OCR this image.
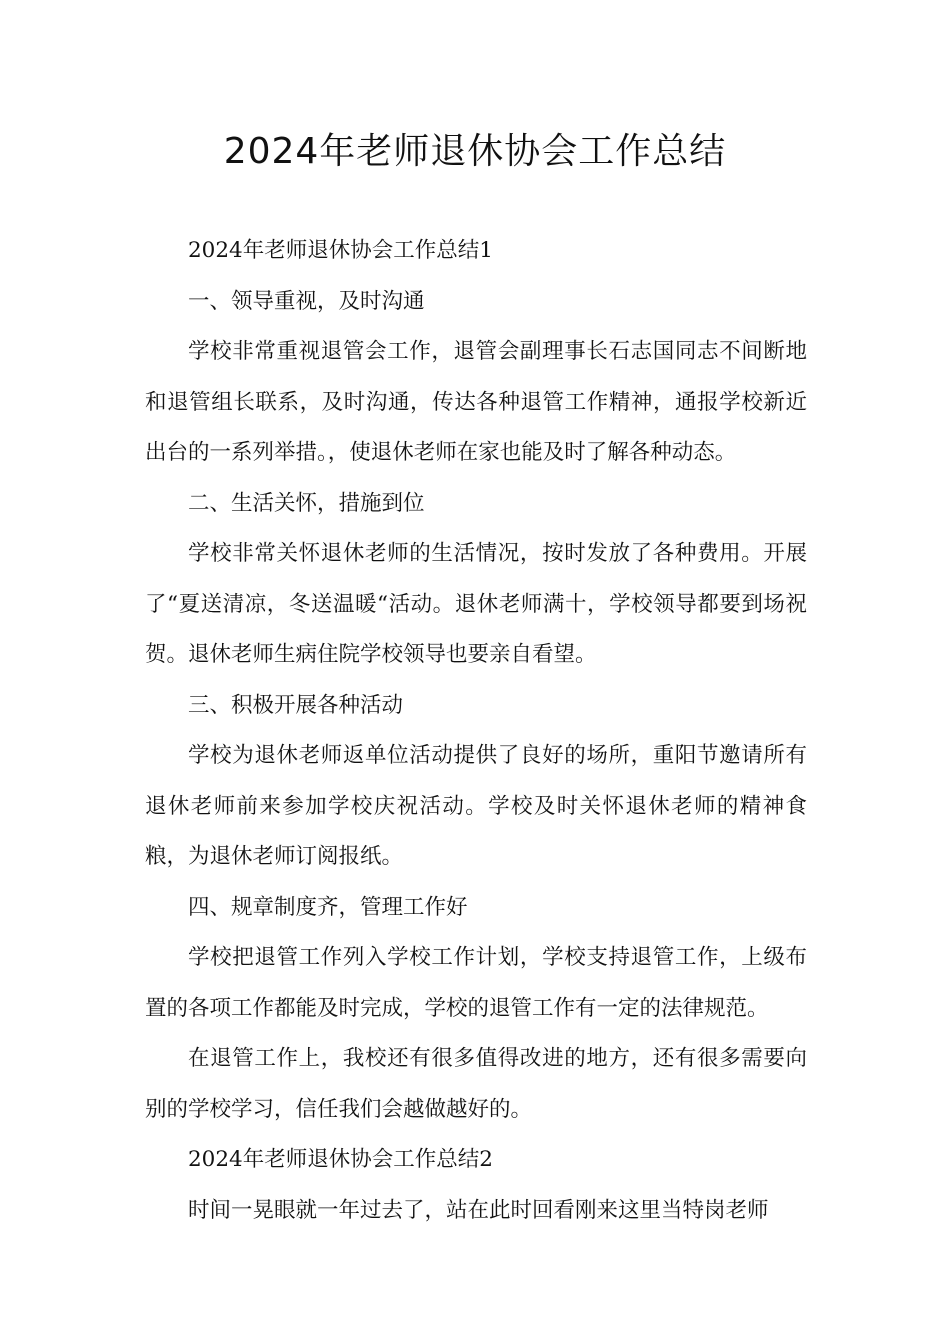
2024年老师退休协会工作总结

2024年老师退休协会工作总结1

一、领导重视，及时沟通

学校非常重视退管会工作，退管会副理事长石志国同志不间断地和退管组长联系，及时沟通，传达各种退管工作精神，通报学校新近出台的一系列举措。，使退休老师在家也能及时了解各种动态。

二、生活关怀，措施到位

学校非常关怀退休老师的生活情况，按时发放了各种费用。开展了“夏送清凉，冬送温暖“活动。退休老师满十，学校领导都要到场祝贺。退休老师生病住院学校领导也要亲自看望。

三、积极开展各种活动

学校为退休老师返单位活动提供了良好的场所，重阳节邀请所有退休老师前来参加学校庆祝活动。学校及时关怀退休老师的精神食粮，为退休老师订阅报纸。

四、规章制度齐，管理工作好

学校把退管工作列入学校工作计划，学校支持退管工作，上级布置的各项工作都能及时完成，学校的退管工作有一定的法律规范。

在退管工作上，我校还有很多值得改进的地方，还有很多需要向别的学校学习，信任我们会越做越好的。

2024年老师退休协会工作总结2

时间一晃眼就一年过去了，站在此时回看刚来这里当特岗老师
